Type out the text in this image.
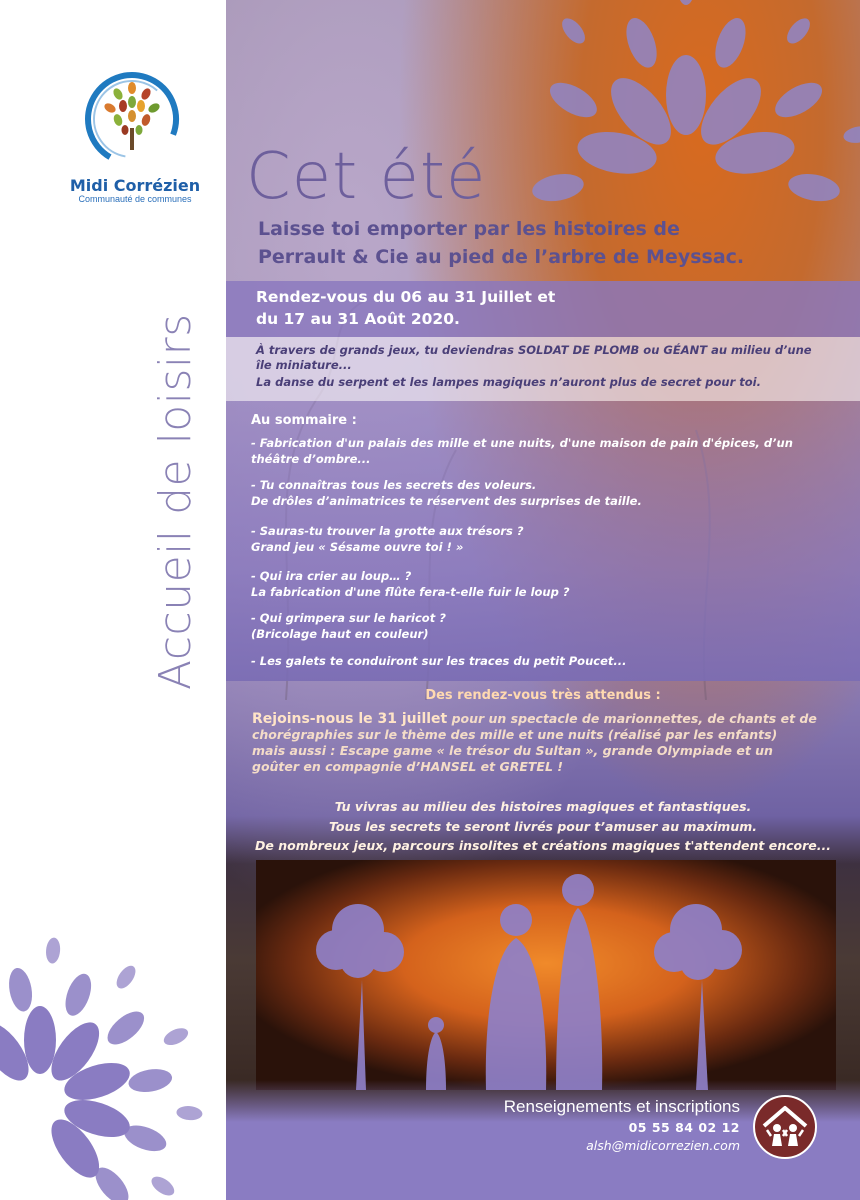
Midi Corrézien
Communauté de communes
Accueil de loisirs
Cet été
Laisse toi emporter par les histoires de
Perrault & Cie au pied de l’arbre de Meyssac.
Rendez-vous du 06 au 31 Juillet et
du 17 au 31 Août 2020.
À travers de grands jeux, tu deviendras SOLDAT DE PLOMB ou GÉANT au milieu d’une
île miniature...
La danse du serpent et les lampes magiques n’auront plus de secret pour toi.
Au sommaire :
- Fabrication d'un palais des mille et une nuits, d'une maison de pain d'épices, d’un
théâtre d’ombre...
- Tu connaîtras tous les secrets des voleurs.
De drôles d’animatrices te réservent des surprises de taille.
- Sauras-tu trouver la grotte aux trésors ?
Grand jeu « Sésame ouvre toi ! »
- Qui ira crier au loup… ?
La fabrication d'une flûte fera-t-elle fuir le loup ?
- Qui grimpera sur le haricot ?
(Bricolage haut en couleur)
- Les galets te conduiront sur les traces du petit Poucet...
Des rendez-vous très attendus :
Rejoins-nous le 31 juillet pour un spectacle de marionnettes, de chants et de chorégraphies sur le thème des mille et une nuits (réalisé par les enfants)
mais aussi : Escape game « le trésor du Sultan », grande Olympiade et un goûter en compagnie d’HANSEL et GRETEL !
Tu vivras au milieu des histoires magiques et fantastiques.
Tous les secrets te seront livrés pour t’amuser au maximum.
De nombreux jeux, parcours insolites et créations magiques t'attendent encore...
Renseignements et inscriptions
05 55 84 02 12
alsh@midicorrezien.com
